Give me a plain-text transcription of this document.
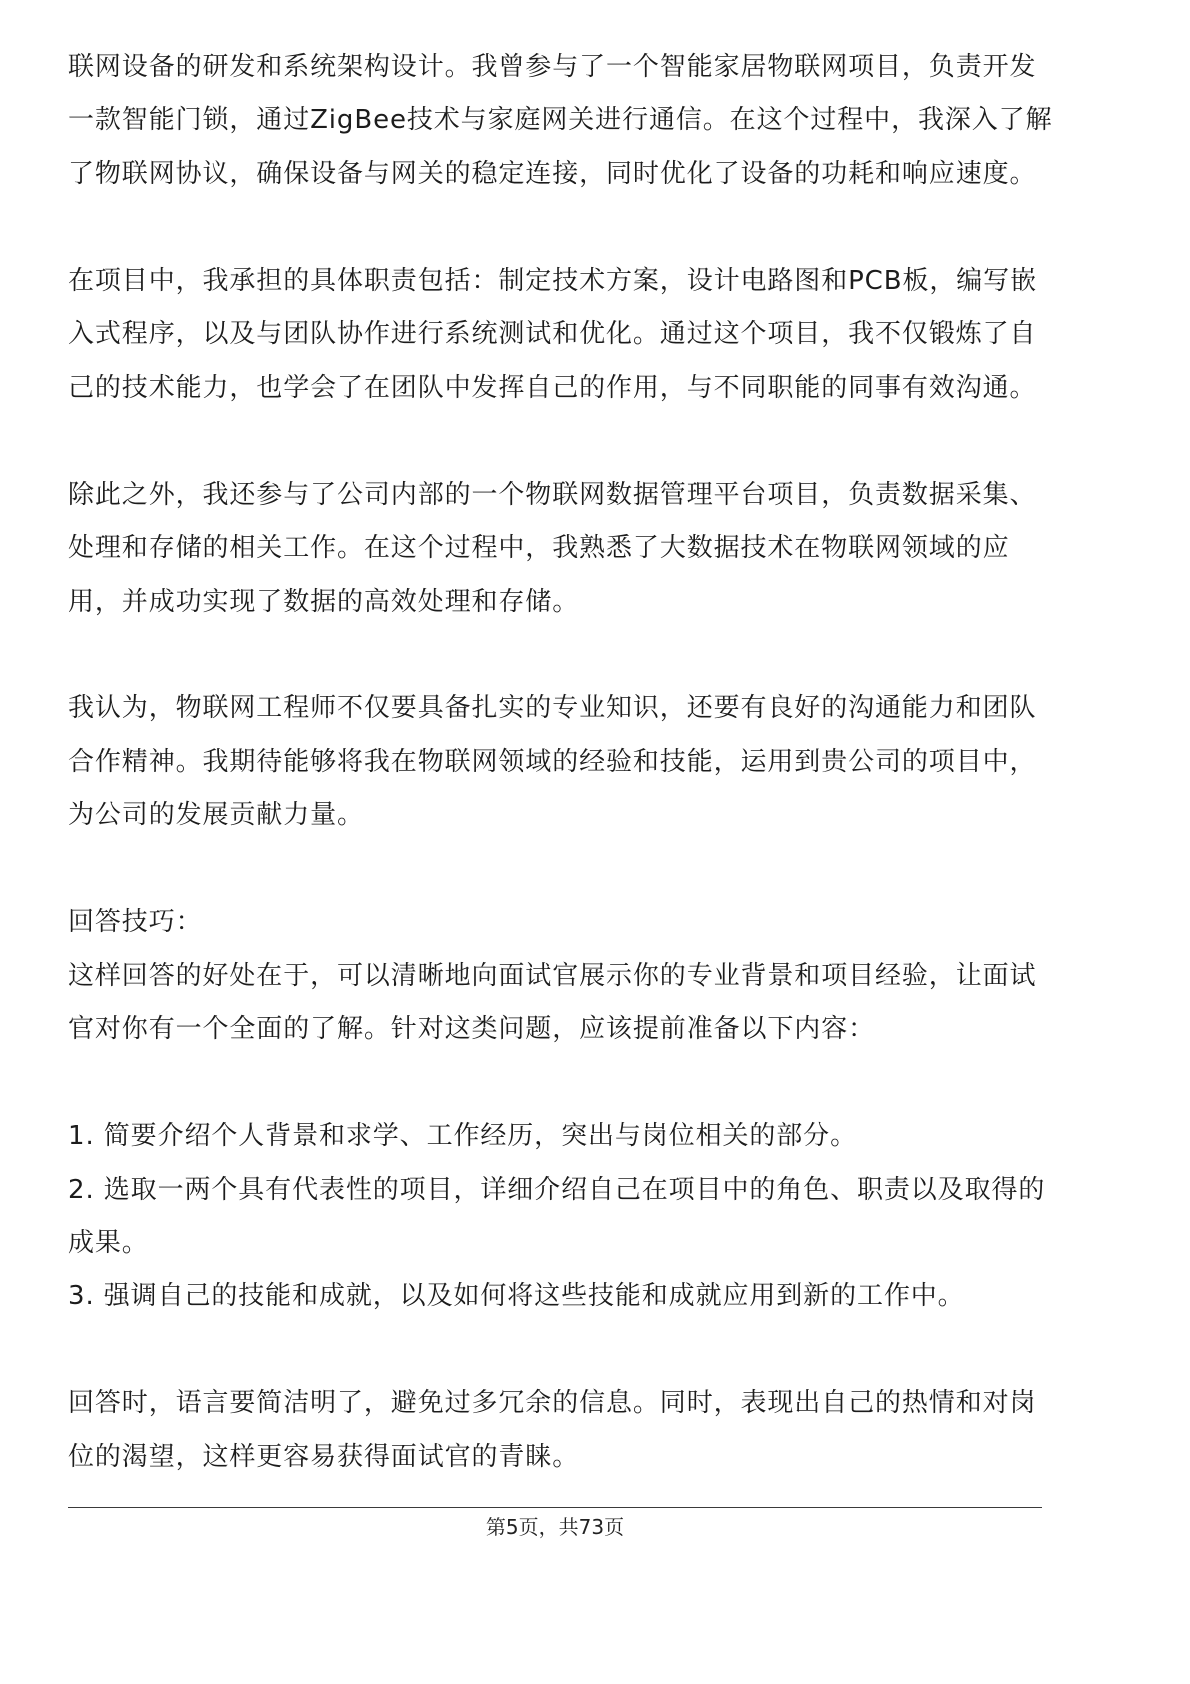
联网设备的研发和系统架构设计。我曾参与了一个智能家居物联网项目，负责开发
一款智能门锁，通过ZigBee技术与家庭网关进行通信。在这个过程中，我深入了解
了物联网协议，确保设备与网关的稳定连接，同时优化了设备的功耗和响应速度。
在项目中，我承担的具体职责包括：制定技术方案，设计电路图和PCB板，编写嵌
入式程序，以及与团队协作进行系统测试和优化。通过这个项目，我不仅锻炼了自
己的技术能力，也学会了在团队中发挥自己的作用，与不同职能的同事有效沟通。
除此之外，我还参与了公司内部的一个物联网数据管理平台项目，负责数据采集、
处理和存储的相关工作。在这个过程中，我熟悉了大数据技术在物联网领域的应
用，并成功实现了数据的高效处理和存储。
我认为，物联网工程师不仅要具备扎实的专业知识，还要有良好的沟通能力和团队
合作精神。我期待能够将我在物联网领域的经验和技能，运用到贵公司的项目中，
为公司的发展贡献力量。
回答技巧：
这样回答的好处在于，可以清晰地向面试官展示你的专业背景和项目经验，让面试
官对你有一个全面的了解。针对这类问题，应该提前准备以下内容：
1. 简要介绍个人背景和求学、工作经历，突出与岗位相关的部分。
2. 选取一两个具有代表性的项目，详细介绍自己在项目中的角色、职责以及取得的
成果。
3. 强调自己的技能和成就，以及如何将这些技能和成就应用到新的工作中。
回答时，语言要简洁明了，避免过多冗余的信息。同时，表现出自己的热情和对岗
位的渴望，这样更容易获得面试官的青睐。
第5页，共73页
